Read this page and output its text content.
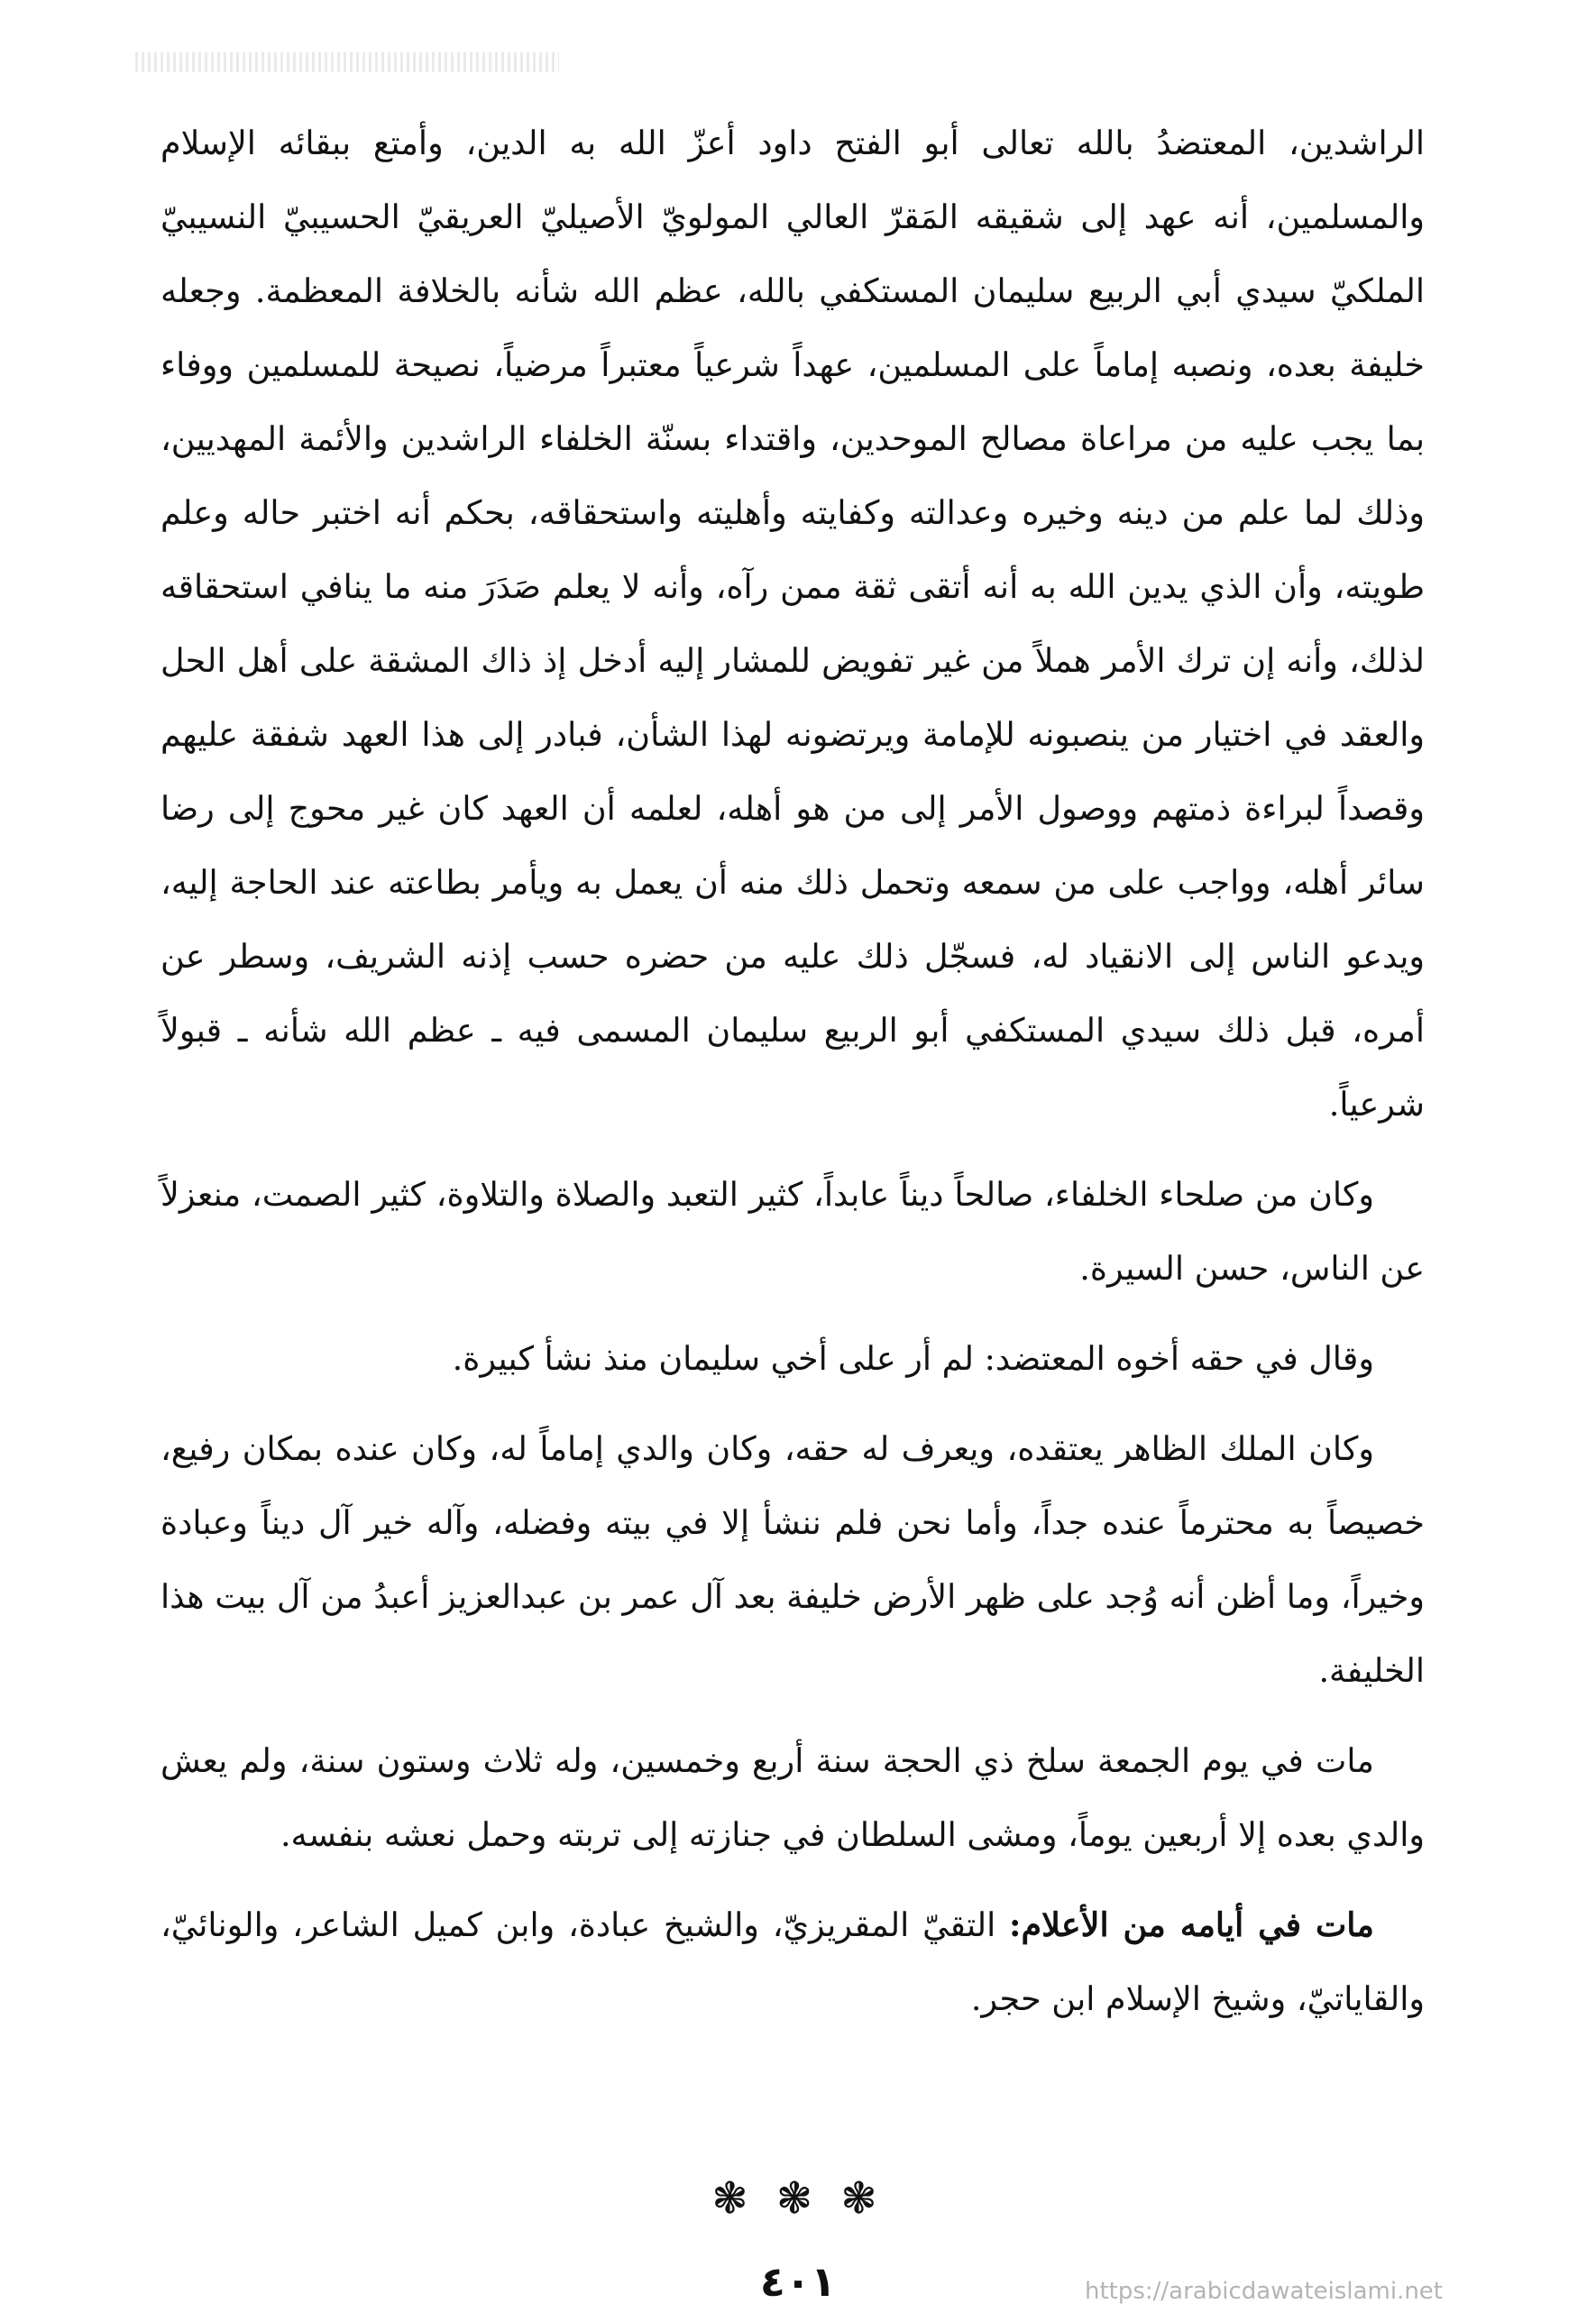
الراشدين، المعتضدُ بالله تعالى أبو الفتح داود أعزّ الله به الدين، وأمتع ببقائه الإسلام والمسلمين، أنه عهد إلى شقيقه المَقرّ العالي المولويّ الأصيليّ العريقيّ الحسيبيّ النسيبيّ الملكيّ سيدي أبي الربيع سليمان المستكفي بالله، عظم الله شأنه بالخلافة المعظمة. وجعله خليفة بعده، ونصبه إماماً على المسلمين، عهداً شرعياً معتبراً مرضياً، نصيحة للمسلمين ووفاء بما يجب عليه من مراعاة مصالح الموحدين، واقتداء بسنّة الخلفاء الراشدين والأئمة المهديين، وذلك لما علم من دينه وخيره وعدالته وكفايته وأهليته واستحقاقه، بحكم أنه اختبر حاله وعلم طويته، وأن الذي يدين الله به أنه أتقى ثقة ممن رآه، وأنه لا يعلم صَدَرَ منه ما ينافي استحقاقه لذلك، وأنه إن ترك الأمر هملاً من غير تفويض للمشار إليه أدخل إذ ذاك المشقة على أهل الحل والعقد في اختيار من ينصبونه للإمامة ويرتضونه لهذا الشأن، فبادر إلى هذا العهد شفقة عليهم وقصداً لبراءة ذمتهم ووصول الأمر إلى من هو أهله، لعلمه أن العهد كان غير محوج إلى رضا سائر أهله، وواجب على من سمعه وتحمل ذلك منه أن يعمل به ويأمر بطاعته عند الحاجة إليه، ويدعو الناس إلى الانقياد له، فسجّل ذلك عليه من حضره حسب إذنه الشريف، وسطر عن أمره، قبل ذلك سيدي المستكفي أبو الربيع سليمان المسمى فيه ـ عظم الله شأنه ـ قبولاً شرعياً.

وكان من صلحاء الخلفاء، صالحاً ديناً عابداً، كثير التعبد والصلاة والتلاوة، كثير الصمت، منعزلاً عن الناس، حسن السيرة.

وقال في حقه أخوه المعتضد: لم أر على أخي سليمان منذ نشأ كبيرة.

وكان الملك الظاهر يعتقده، ويعرف له حقه، وكان والدي إماماً له، وكان عنده بمكان رفيع، خصيصاً به محترماً عنده جداً، وأما نحن فلم ننشأ إلا في بيته وفضله، وآله خير آل ديناً وعبادة وخيراً، وما أظن أنه وُجد على ظهر الأرض خليفة بعد آل عمر بن عبدالعزيز أعبدُ من آل بيت هذا الخليفة.

مات في يوم الجمعة سلخ ذي الحجة سنة أربع وخمسين، وله ثلاث وستون سنة، ولم يعش والدي بعده إلا أربعين يوماً، ومشى السلطان في جنازته إلى تربته وحمل نعشه بنفسه.

مات في أيامه من الأعلام: التقيّ المقريزيّ، والشيخ عبادة، وابن كميل الشاعر، والونائيّ، والقاياتيّ، وشيخ الإسلام ابن حجر.

❃ ❃ ❃
٤٠١	https://arabicdawateislami.net
